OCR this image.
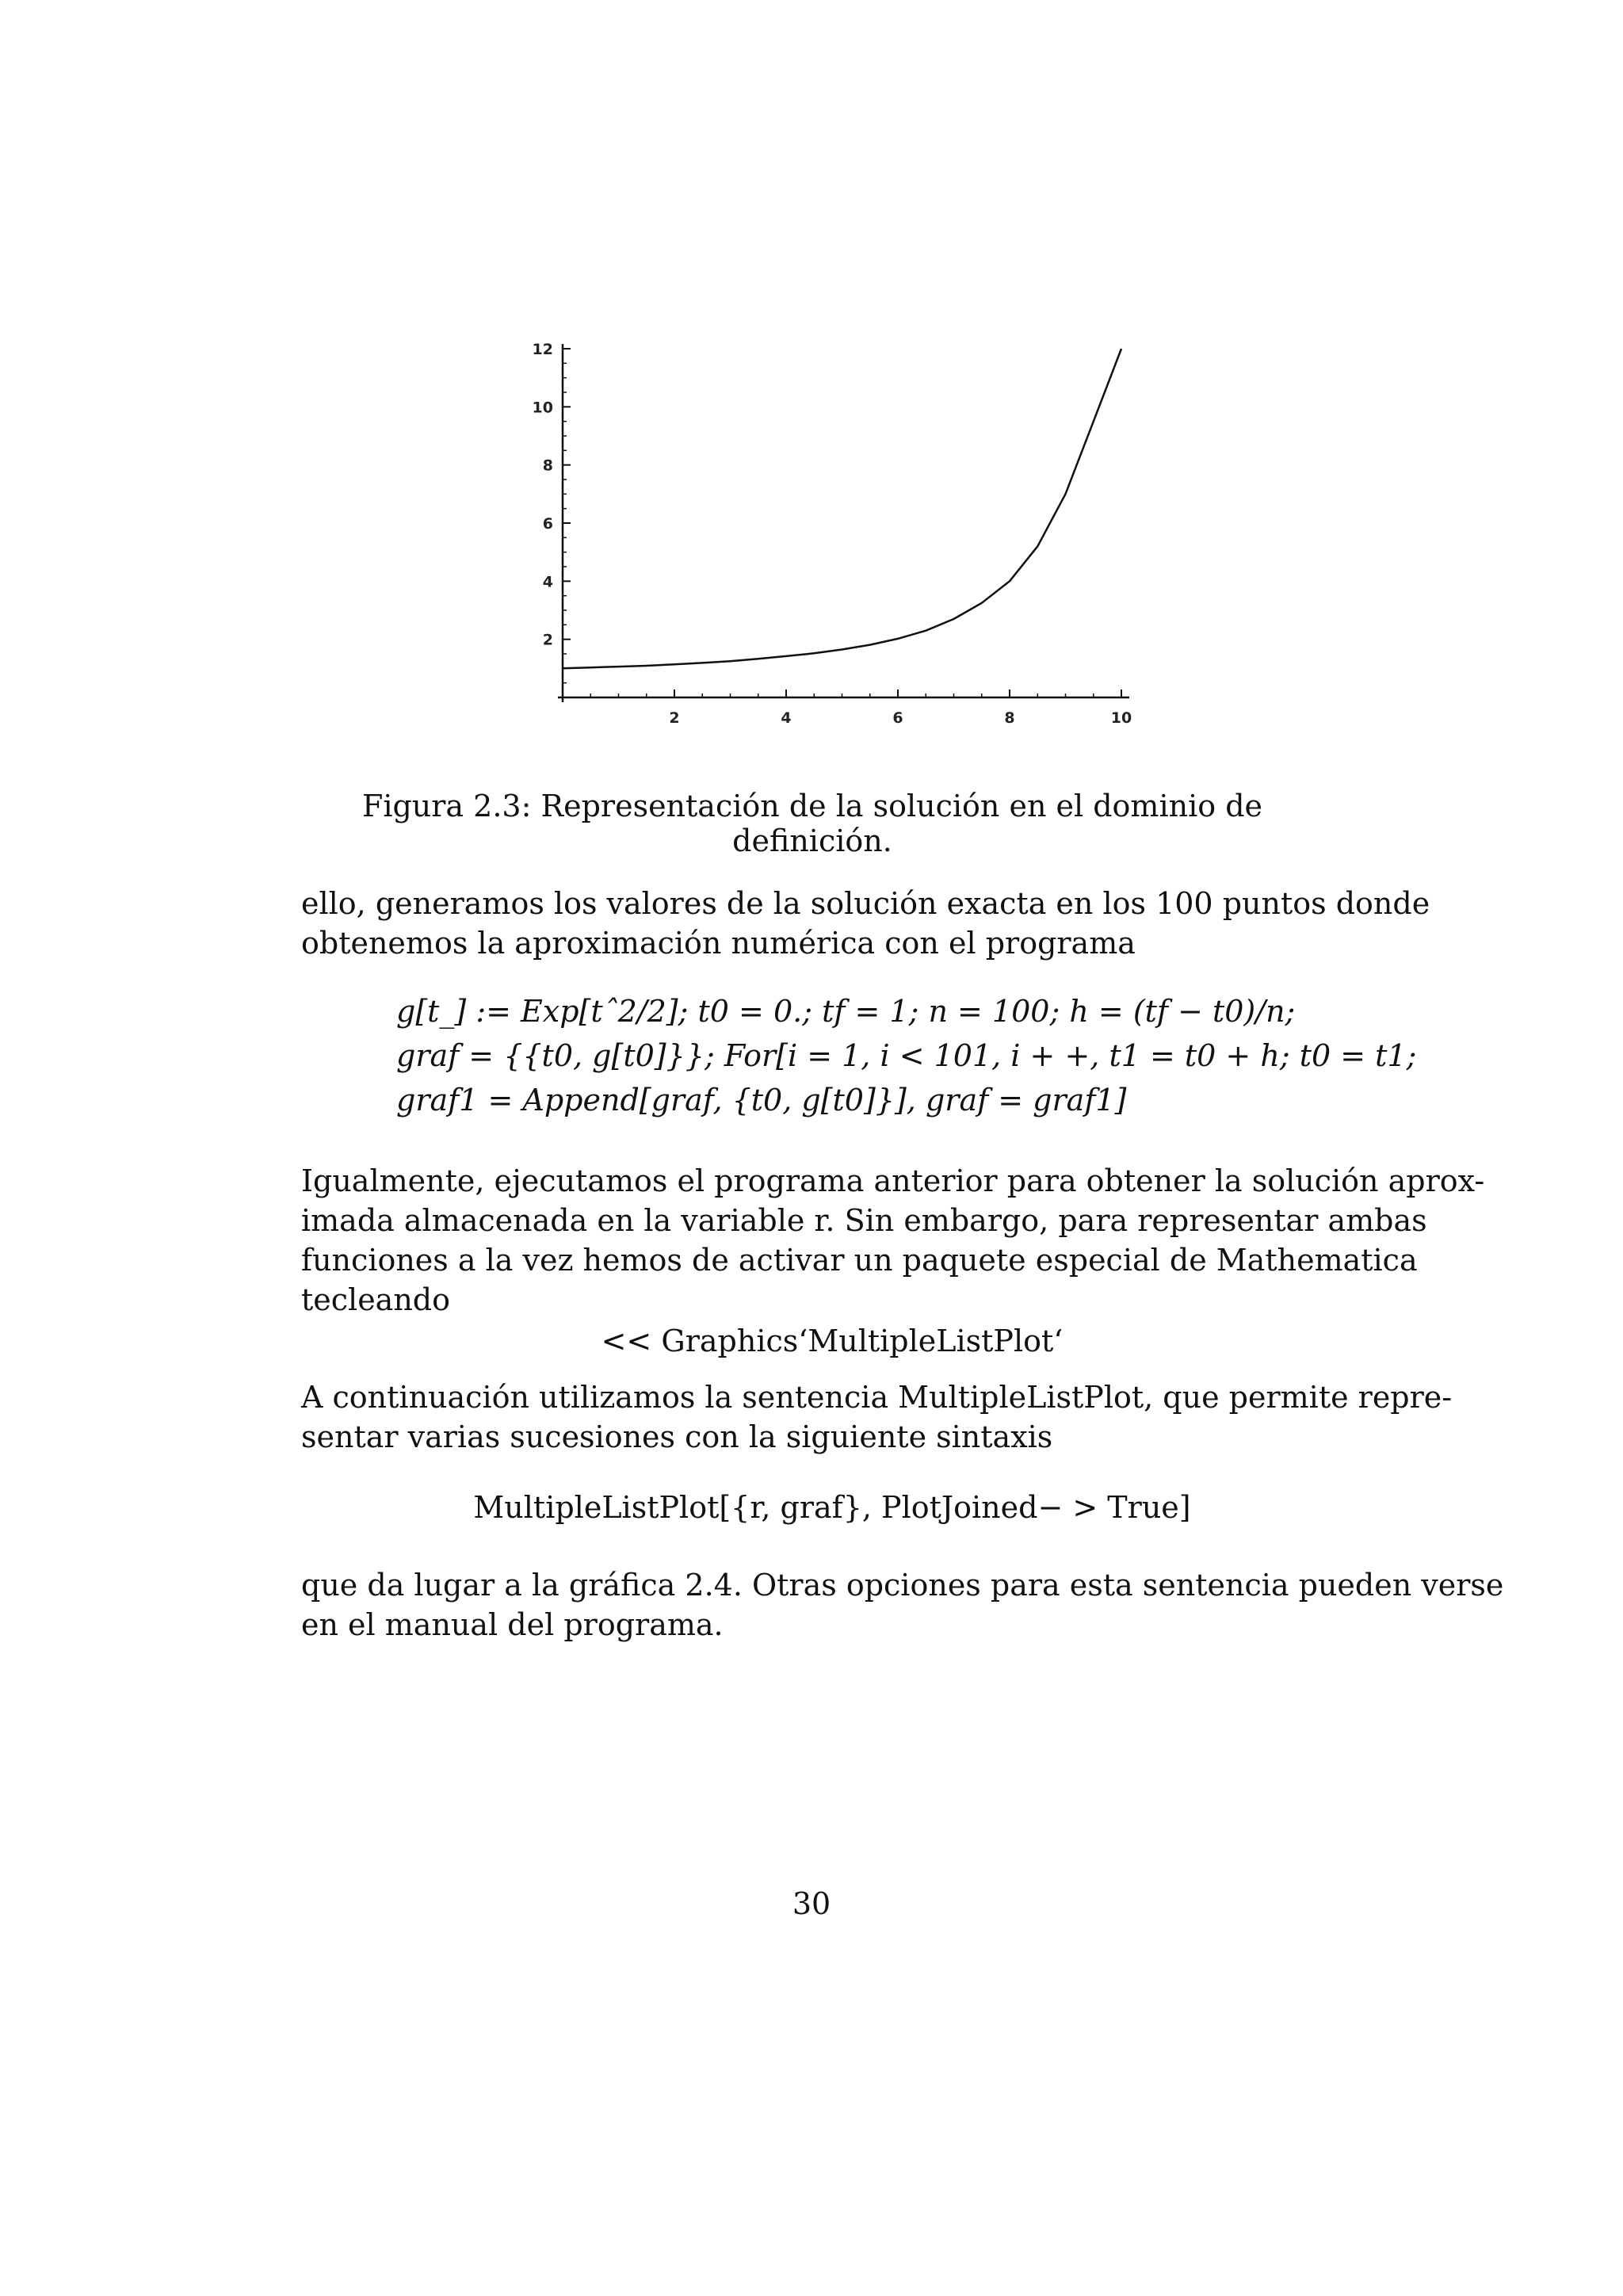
2	4	6	8	10
2
4
6
8
10
12
Figura 2.3: Representación de la solución en el dominio de definición.
ello, generamos los valores de la solución exacta en los 100 puntos donde
obtenemos la aproximación numérica con el programa
g[t_] := Exp[tˆ2/2]; t0 = 0.; tf = 1; n = 100; h = (tf − t0)/n;
graf = {{t0, g[t0]}}; For[i = 1, i < 101, i + +, t1 = t0 + h; t0 = t1;
graf1 = Append[graf, {t0, g[t0]}], graf = graf1]
Igualmente, ejecutamos el programa anterior para obtener la solución aprox-
imada almacenada en la variable r. Sin embargo, para representar ambas
funciones a la vez hemos de activar un paquete especial de Mathematica
tecleando
<< Graphics‘MultipleListPlot‘
A continuación utilizamos la sentencia MultipleListPlot, que permite repre-
sentar varias sucesiones con la siguiente sintaxis
MultipleListPlot[{r, graf}, PlotJoined− > True]
que da lugar a la gráfica 2.4. Otras opciones para esta sentencia pueden verse
en el manual del programa.
30
